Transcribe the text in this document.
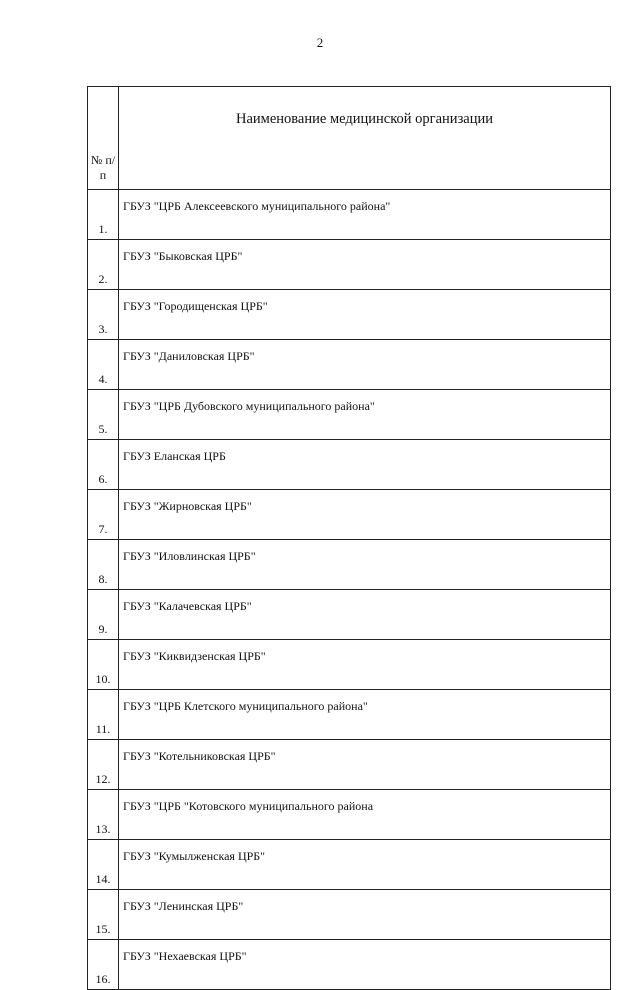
2
№ п/п	Наименование медицинской организации
1.	ГБУЗ "ЦРБ Алексеевского муниципального района"
2.	ГБУЗ "Быковская ЦРБ"
3.	ГБУЗ "Городищенская ЦРБ"
4.	ГБУЗ "Даниловская ЦРБ"
5.	ГБУЗ "ЦРБ Дубовского муниципального района"
6.	ГБУЗ Еланская ЦРБ
7.	ГБУЗ "Жирновская ЦРБ"
8.	ГБУЗ "Иловлинская ЦРБ"
9.	ГБУЗ "Калачевская ЦРБ"
10.	ГБУЗ "Киквидзенская ЦРБ"
11.	ГБУЗ "ЦРБ Клетского муниципального района"
12.	ГБУЗ "Котельниковская ЦРБ"
13.	ГБУЗ "ЦРБ "Котовского муниципального района
14.	ГБУЗ "Кумылженская ЦРБ"
15.	ГБУЗ "Ленинская ЦРБ"
16.	ГБУЗ "Нехаевская ЦРБ"
